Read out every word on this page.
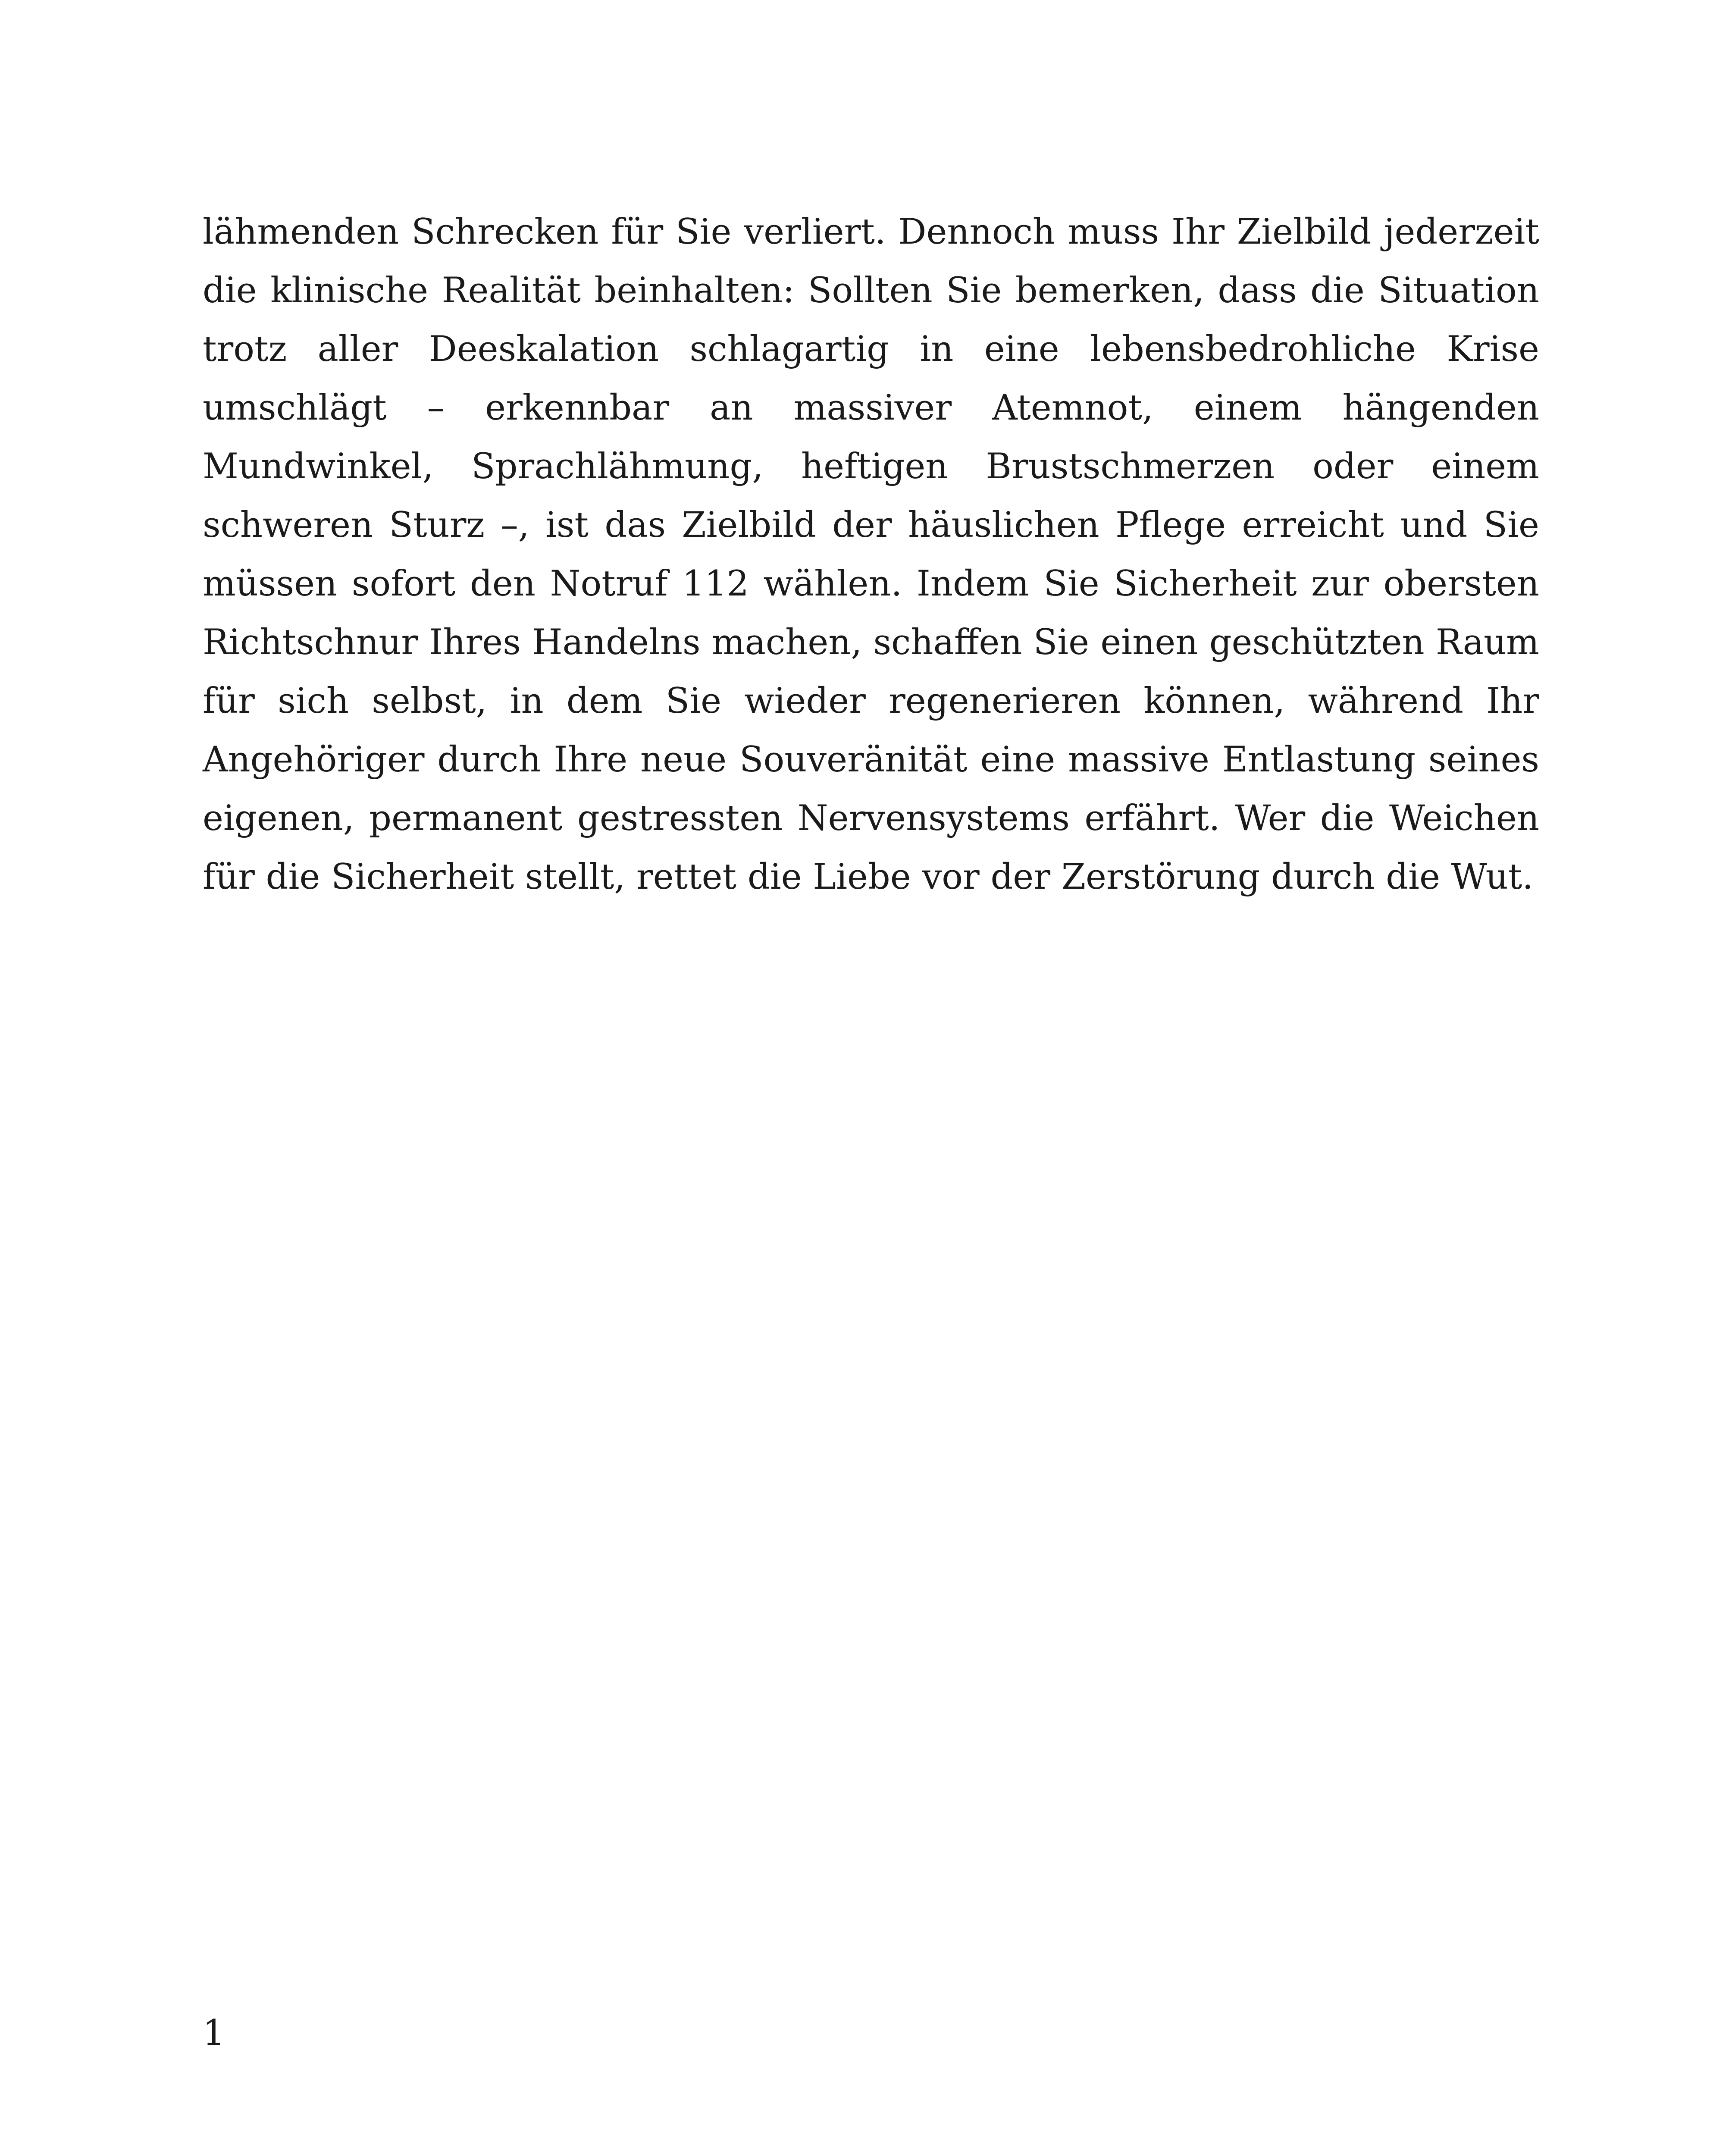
lähmenden Schrecken für Sie verliert. Dennoch muss Ihr Zielbild jederzeit die klinische Realität beinhalten: Sollten Sie bemerken, dass die Situation trotz aller Deeskalation schlagartig in eine lebensbedrohliche Krise umschlägt – erkennbar an massiver Atemnot, einem hängenden Mundwinkel, Sprachlähmung, heftigen Brustschmerzen oder einem schweren Sturz –, ist das Zielbild der häuslichen Pflege erreicht und Sie müssen sofort den Notruf 112 wählen. Indem Sie Sicherheit zur obersten Richtschnur Ihres Handelns machen, schaffen Sie einen geschützten Raum für sich selbst, in dem Sie wieder regenerieren können, während Ihr Angehöriger durch Ihre neue Souveränität eine massive Entlastung seines eigenen, permanent gestressten Nervensystems erfährt. Wer die Weichen für die Sicherheit stellt, rettet die Liebe vor der Zerstörung durch die Wut.

1
